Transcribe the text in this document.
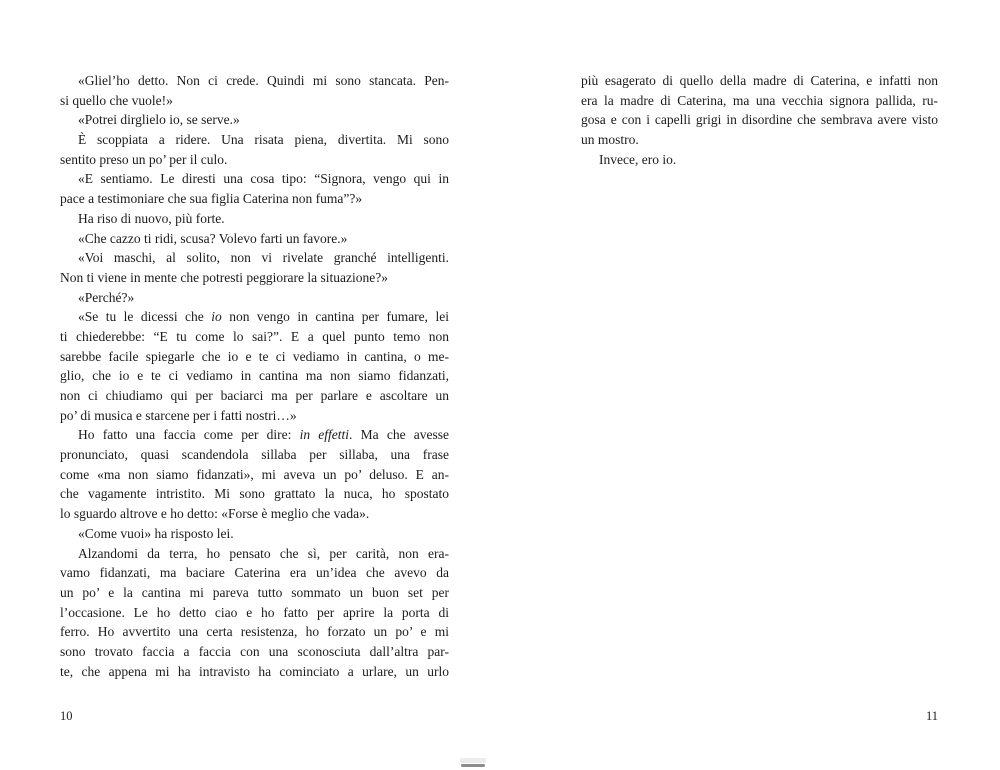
«Gliel’ho detto. Non ci crede. Quindi mi sono stancata. Pen-
si quello che vuole!»
«Potrei dirglielo io, se serve.»
È scoppiata a ridere. Una risata piena, divertita. Mi sono
sentito preso un po’ per il culo.
«E sentiamo. Le diresti una cosa tipo: “Signora, vengo qui in
pace a testimoniare che sua figlia Caterina non fuma”?»
Ha riso di nuovo, più forte.
«Che cazzo ti ridi, scusa? Volevo farti un favore.»
«Voi maschi, al solito, non vi rivelate granché intelligenti.
Non ti viene in mente che potresti peggiorare la situazione?»
«Perché?»
«Se tu le dicessi che io non vengo in cantina per fumare, lei
ti chiederebbe: “E tu come lo sai?”. E a quel punto temo non
sarebbe facile spiegarle che io e te ci vediamo in cantina, o me-
glio, che io e te ci vediamo in cantina ma non siamo fidanzati,
non ci chiudiamo qui per baciarci ma per parlare e ascoltare un
po’ di musica e starcene per i fatti nostri…»
Ho fatto una faccia come per dire: in effetti. Ma che avesse
pronunciato, quasi scandendola sillaba per sillaba, una frase
come «ma non siamo fidanzati», mi aveva un po’ deluso. E an-
che vagamente intristito. Mi sono grattato la nuca, ho spostato
lo sguardo altrove e ho detto: «Forse è meglio che vada».
«Come vuoi» ha risposto lei.
Alzandomi da terra, ho pensato che sì, per carità, non era-
vamo fidanzati, ma baciare Caterina era un’idea che avevo da
un po’ e la cantina mi pareva tutto sommato un buon set per
l’occasione. Le ho detto ciao e ho fatto per aprire la porta di
ferro. Ho avvertito una certa resistenza, ho forzato un po’ e mi
sono trovato faccia a faccia con una sconosciuta dall’altra par-
te, che appena mi ha intravisto ha cominciato a urlare, un urlo
più esagerato di quello della madre di Caterina, e infatti non
era la madre di Caterina, ma una vecchia signora pallida, ru-
gosa e con i capelli grigi in disordine che sembrava avere visto
un mostro.
Invece, ero io.
10	11
